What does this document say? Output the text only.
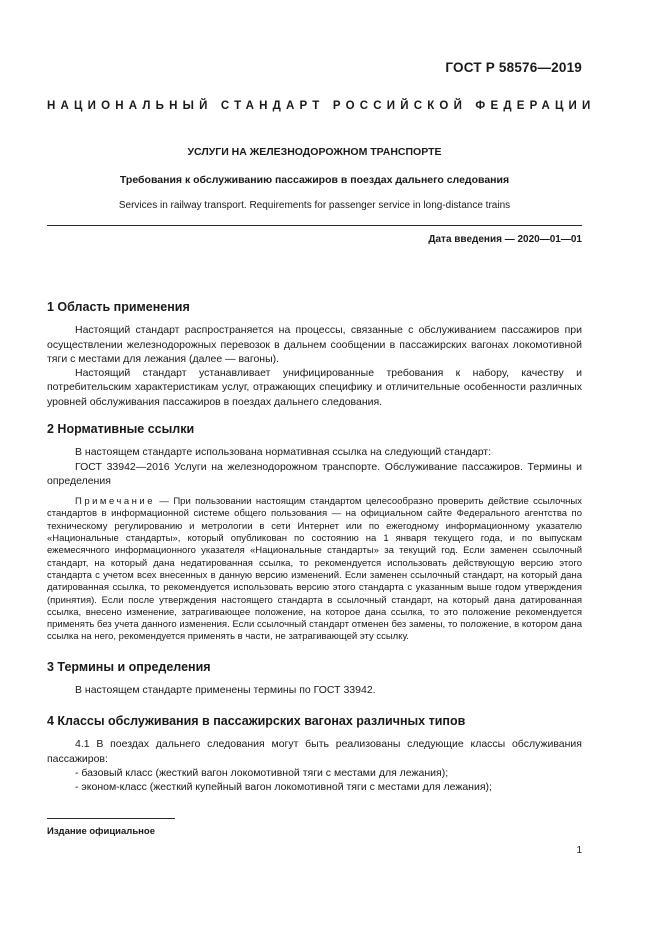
ГОСТ Р 58576—2019
НАЦИОНАЛЬНЫЙ СТАНДАРТ РОССИЙСКОЙ ФЕДЕРАЦИИ
УСЛУГИ НА ЖЕЛЕЗНОДОРОЖНОМ ТРАНСПОРТЕ
Требования к обслуживанию пассажиров в поездах дальнего следования
Services in railway transport. Requirements for passenger service in long-distance trains
Дата введения — 2020—01—01

1 Область применения

Настоящий стандарт распространяется на процессы, связанные с обслуживанием пассажиров при осуществлении железнодорожных перевозок в дальнем сообщении в пассажирских вагонах локомотивной тяги с местами для лежания (далее — вагоны).

Настоящий стандарт устанавливает унифицированные требования к набору, качеству и потребительским характеристикам услуг, отражающих специфику и отличительные особенности различных уровней обслуживания пассажиров в поездах дальнего следования.

2 Нормативные ссылки

В настоящем стандарте использована нормативная ссылка на следующий стандарт:

ГОСТ 33942—2016 Услуги на железнодорожном транспорте. Обслуживание пассажиров. Термины и определения

Примечание — При пользовании настоящим стандартом целесообразно проверить действие ссылочных стандартов в информационной системе общего пользования — на официальном сайте Федерального агентства по техническому регулированию и метрологии в сети Интернет или по ежегодному информационному указателю «Национальные стандарты», который опубликован по состоянию на 1 января текущего года, и по выпускам ежемесячного информационного указателя «Национальные стандарты» за текущий год. Если заменен ссылочный стандарт, на который дана недатированная ссылка, то рекомендуется использовать действующую версию этого стандарта с учетом всех внесенных в данную версию изменений. Если заменен ссылочный стандарт, на который дана датированная ссылка, то рекомендуется использовать версию этого стандарта с указанным выше годом утверждения (принятия). Если после утверждения настоящего стандарта в ссылочный стандарт, на который дана датированная ссылка, внесено изменение, затрагивающее положение, на которое дана ссылка, то это положение рекомендуется применять без учета данного изменения. Если ссылочный стандарт отменен без замены, то положение, в котором дана ссылка на него, рекомендуется применять в части, не затрагивающей эту ссылку.

3 Термины и определения

В настоящем стандарте применены термины по ГОСТ 33942.

4 Классы обслуживания в пассажирских вагонах различных типов

4.1 В поездах дальнего следования могут быть реализованы следующие классы обслуживания пассажиров:

- базовый класс (жесткий вагон локомотивной тяги с местами для лежания);

- эконом-класс (жесткий купейный вагон локомотивной тяги с местами для лежания);

Издание официальное
1
